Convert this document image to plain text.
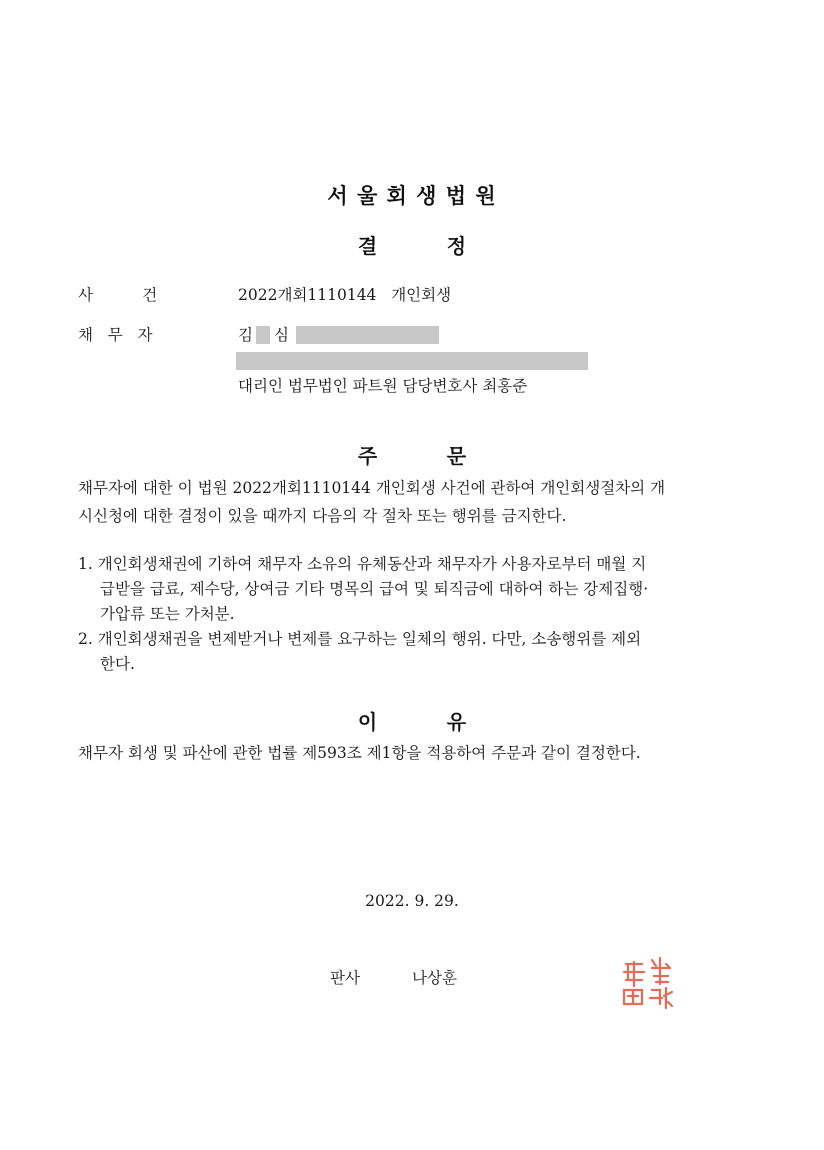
서 울 회 생 법 원
결          정
사          건	2022개회1110144   개인회생
채   무   자	김 심
대리인 법무법인 파트원 담당변호사 최홍준
주          문
채무자에 대한 이 법원 2022개회1110144 개인회생 사건에 관하여 개인회생절차의 개
시신청에 대한 결정이 있을 때까지 다음의 각 절차 또는 행위를 금지한다.
1. 개인회생채권에 기하여 채무자 소유의 유체동산과 채무자가 사용자로부터 매월 지
급받을 급료, 제수당, 상여금 기타 명목의 급여 및 퇴직금에 대하여 하는 강제집행·
가압류 또는 가처분.
2. 개인회생채권을 변제받거나 변제를 요구하는 일체의 행위. 다만, 소송행위를 제외
한다.
이          유
채무자 회생 및 파산에 관한 법률 제593조 제1항을 적용하여 주문과 같이 결정한다.
2022. 9. 29.
판사	나상훈
